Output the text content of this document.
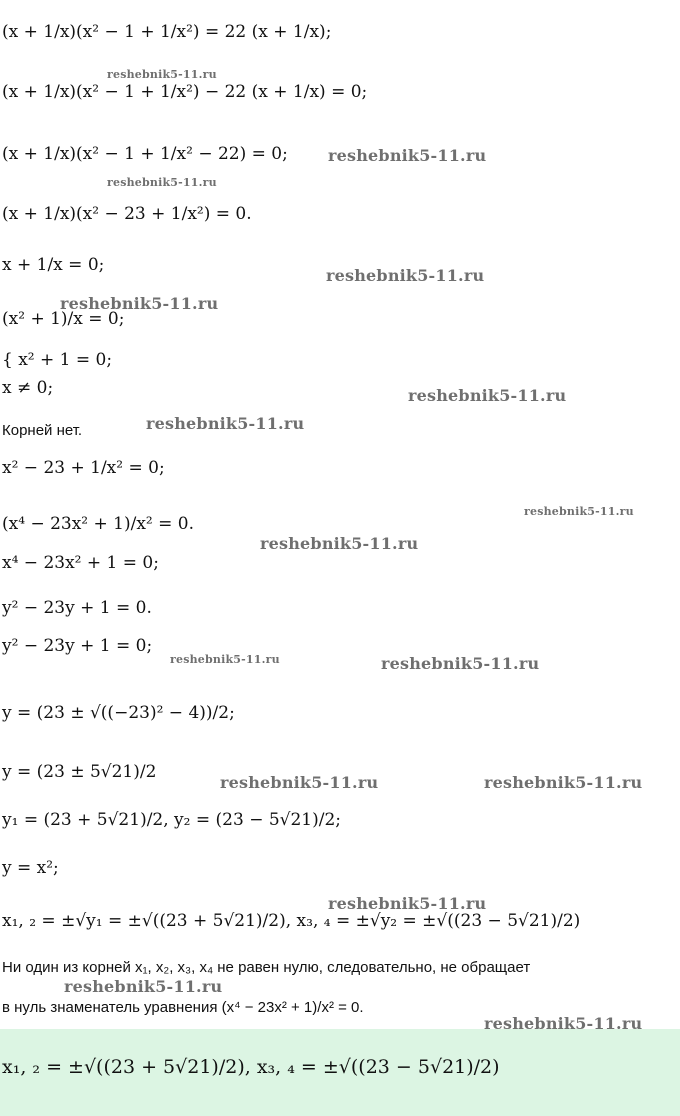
(x + 1/x)(x² − 1 + 1/x²) = 22 (x + 1/x);
(x + 1/x)(x² − 1 + 1/x²) − 22 (x + 1/x) = 0;
(x + 1/x)(x² − 1 + 1/x² − 22) = 0;
(x + 1/x)(x² − 23 + 1/x²) = 0.
x + 1/x = 0;
(x² + 1)/x = 0;
{ x² + 1 = 0;
x ≠ 0;
Корней нет.
x² − 23 + 1/x² = 0;
(x⁴ − 23x² + 1)/x² = 0.
x⁴ − 23x² + 1 = 0;
y² − 23y + 1 = 0.
y² − 23y + 1 = 0;
y = (23 ± √((−23)² − 4))/2;
y = (23 ± 5√21)/2
y₁ = (23 + 5√21)/2, y₂ = (23 − 5√21)/2;
y = x²;
x₁, ₂ = ±√y₁ = ±√((23 + 5√21)/2), x₃, ₄ = ±√y₂ = ±√((23 − 5√21)/2)
Ни один из корней x₁, x₂, x₃, x₄ не равен нулю, следовательно, не обращает
в нуль знаменатель уравнения (x⁴ − 23x² + 1)/x² = 0.
x₁, ₂ = ±√((23 + 5√21)/2), x₃, ₄ = ±√((23 − 5√21)/2)
reshebnik5-11.ru
reshebnik5-11.ru
reshebnik5-11.ru
reshebnik5-11.ru
reshebnik5-11.ru
reshebnik5-11.ru
reshebnik5-11.ru
reshebnik5-11.ru
reshebnik5-11.ru
reshebnik5-11.ru	reshebnik5-11.ru
reshebnik5-11.ru	reshebnik5-11.ru
reshebnik5-11.ru
reshebnik5-11.ru
reshebnik5-11.ru
